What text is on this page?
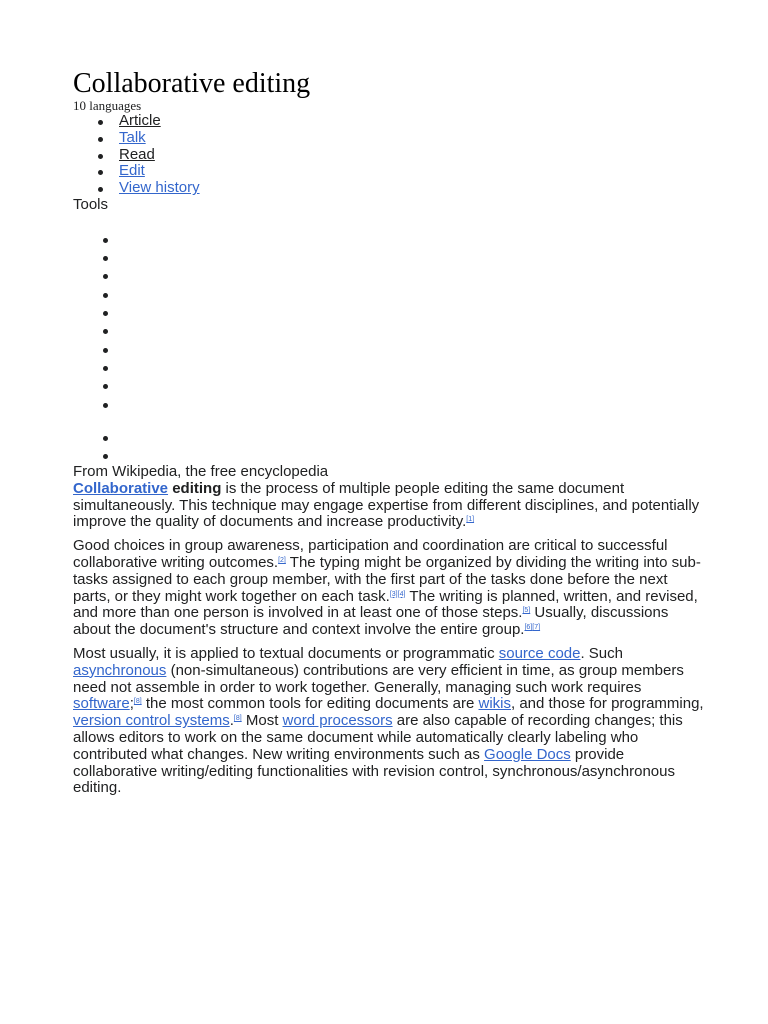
Collaborative editing
10 languages
Article
Talk
Read
Edit
View history
Tools

From Wikipedia, the free encyclopedia

Collaborative editing is the process of multiple people editing the same document simultaneously. This technique may engage expertise from different disciplines, and potentially improve the quality of documents and increase productivity.[1]

Good choices in group awareness, participation and coordination are critical to successful collaborative writing outcomes.[2] The typing might be organized by dividing the writing into sub-tasks assigned to each group member, with the first part of the tasks done before the next parts, or they might work together on each task.[3][4] The writing is planned, written, and revised, and more than one person is involved in at least one of those steps.[5] Usually, discussions about the document's structure and context involve the entire group.[6][7]

Most usually, it is applied to textual documents or programmatic source code. Such asynchronous (non-simultaneous) contributions are very efficient in time, as group members need not assemble in order to work together. Generally, managing such work requires software;[8] the most common tools for editing documents are wikis, and those for programming, version control systems.[8] Most word processors are also capable of recording changes; this allows editors to work on the same document while automatically clearly labeling who contributed what changes. New writing environments such as Google Docs provide collaborative writing/editing functionalities with revision control, synchronous/asynchronous editing.
